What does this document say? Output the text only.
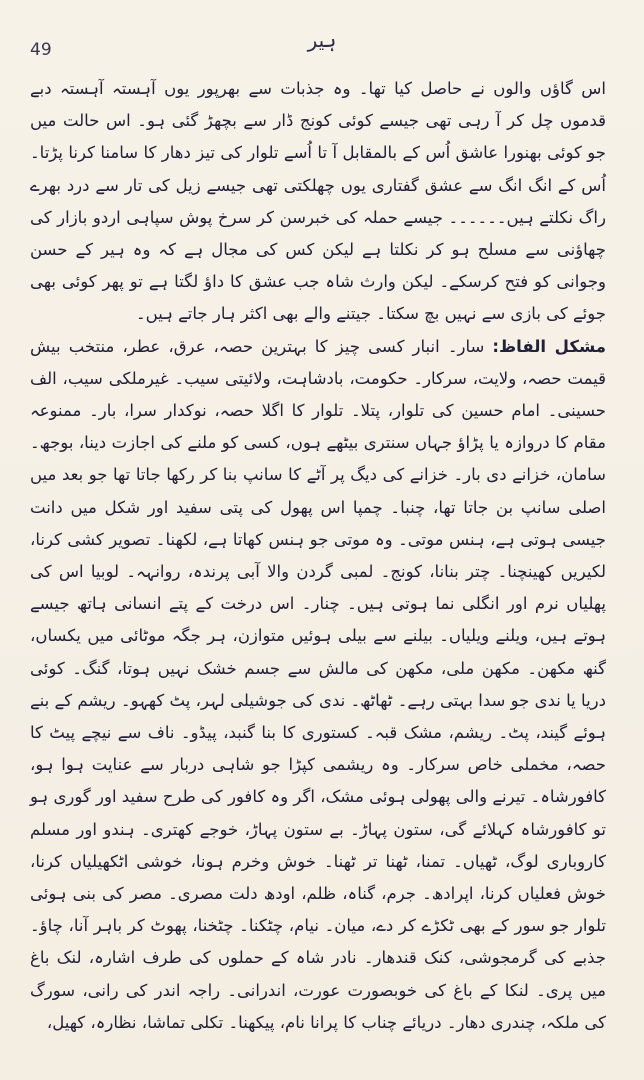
49	ہیر

اس گاؤں والوں نے حاصل کیا تھا۔ وہ جذبات سے بھرپور یوں آہستہ آہستہ دبے قدموں چل کر آ رہی تھی جیسے کوئی کونج ڈار سے بچھڑ گئی ہو۔ اس حالت میں جو کوئی بھنورا عاشق اُس کے بالمقابل آ تا اُسے تلوار کی تیز دھار کا سامنا کرنا پڑتا۔ اُس کے انگ انگ سے عشق گفتاری یوں چھلکتی تھی جیسے زیل کی تار سے درد بھرے راگ نکلتے ہیں۔۔۔۔۔۔ جیسے حملہ کی خبرسن کر سرخ پوش سپاہی اردو بازار کی چھاؤنی سے مسلح ہو کر نکلتا ہے لیکن کس کی مجال ہے کہ وہ ہیر کے حسن وجوانی کو فتح کرسکے۔ لیکن وارث شاہ جب عشق کا داؤ لگتا ہے تو پھر کوئی بھی جوئے کی بازی سے نہیں بچ سکتا۔ جیتنے والے بھی اکثر ہار جاتے ہیں۔

مشکل الفاظ: سار۔ انبار کسی چیز کا بہترین حصہ، عرق، عطر، منتخب بیش قیمت حصہ، ولایت، سرکار۔ حکومت، بادشاہت، ولائیتی سیب۔ غیرملکی سیب، الف حسینی۔ امام حسین کی تلوار، پتلا۔ تلوار کا اگلا حصہ، نوکدار سرا، بار۔ ممنوعہ مقام کا دروازہ یا پڑاؤ جہاں سنتری بیٹھے ہوں، کسی کو ملنے کی اجازت دینا، بوجھ۔ سامان، خزانے دی بار۔ خزانے کی دیگ پر آٹے کا سانپ بنا کر رکھا جاتا تھا جو بعد میں اصلی سانپ بن جاتا تھا، چنبا۔ چمپا اس پھول کی پتی سفید اور شکل میں دانت جیسی ہوتی ہے، ہنس موتی۔ وہ موتی جو ہنس کھاتا ہے، لکھنا۔ تصویر کشی کرنا، لکیریں کھینچنا۔ چتر بنانا، کونج۔ لمبی گردن والا آبی پرندہ، روانہہ۔ لوبیا اس کی پھلیاں نرم اور انگلی نما ہوتی ہیں۔ چنار۔ اس درخت کے پتے انسانی ہاتھ جیسے ہوتے ہیں، ویلنے ویلیاں۔ بیلنے سے بیلی ہوئیں متوازن، ہر جگہ موٹائی میں یکساں، گنھ مکھن۔ مکھن ملی، مکھن کی مالش سے جسم خشک نہیں ہوتا، گنگ۔ کوئی دریا یا ندی جو سدا بہتی رہے۔ ٹھاٹھ۔ ندی کی جوشیلی لہر، پٹ کھہو۔ ریشم کے بنے ہوئے گیند، پٹ۔ ریشم، مشک قبہ۔ کستوری کا بنا گنبد، پیڈو۔ ناف سے نیچے پیٹ کا حصہ، مخملی خاص سرکار۔ وہ ریشمی کپڑا جو شاہی دربار سے عنایت ہوا ہو، کافورشاہ۔ تیرنے والی پھولی ہوئی مشک، اگر وہ کافور کی طرح سفید اور گوری ہو تو کافورشاہ کہلائے گی، ستون پہاڑ۔ بے ستون پہاڑ، خوجے کھتری۔ ہندو اور مسلم کاروباری لوگ، ٹھیاں۔ تمنا، ٹھنا تر ٹھنا۔ خوش وخرم ہونا، خوشی اٹکھیلیاں کرنا، خوش فعلیاں کرنا، اپرادھ۔ جرم، گناہ، ظلم، اودھ دلت مصری۔ مصر کی بنی ہوئی تلوار جو سور کے بھی ٹکڑے کر دے، میان۔ نیام، چٹکنا۔ چٹخنا، پھوٹ کر باہر آنا، چاؤ۔ جذبے کی گرمجوشی، کنک قندھار۔ نادر شاہ کے حملوں کی طرف اشارہ، لنک باغ میں پری۔ لنکا کے باغ کی خوبصورت عورت، اندرانی۔ راجہ اندر کی رانی، سورگ کی ملکہ، چندری دھار۔ دریائے چناب کا پرانا نام، پیکھنا۔ تکلی تماشا، نظارہ، کھیل،
